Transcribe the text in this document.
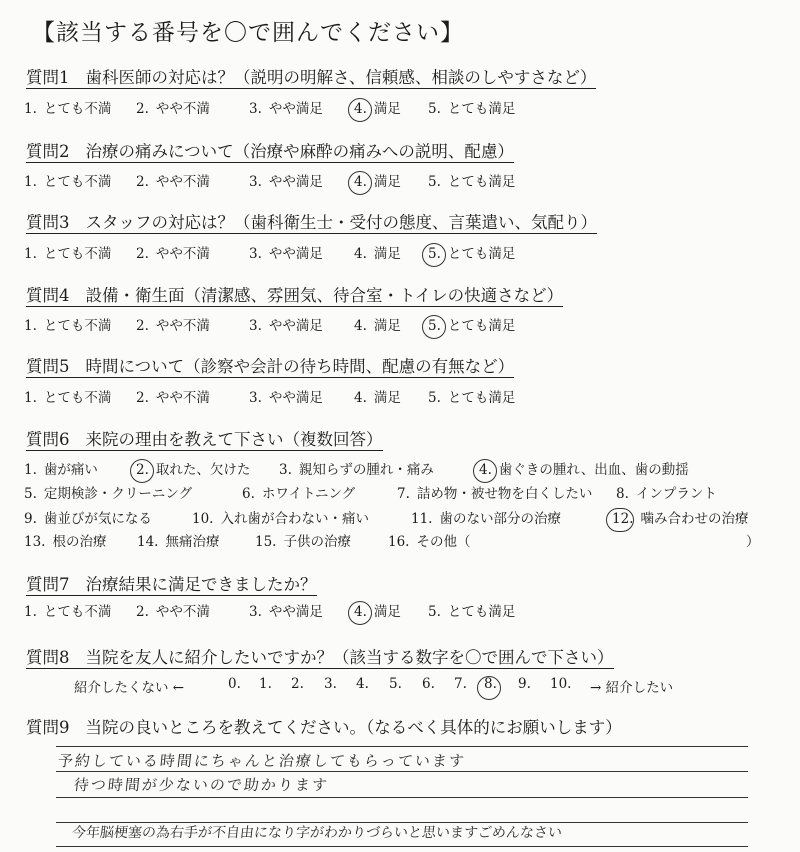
【該当する番号を〇で囲んでください】
質問1 歯科医師の対応は？（説明の明解さ、信頼感、相談のしやすさなど）
1. とても不満 2. やや不満	3. やや満足 4. 満足 5. とても満足
質問2 治療の痛みについて（治療や麻酔の痛みへの説明、配慮）
1. とても不満 2. やや不満	3. やや満足 4. 満足 5. とても満足
質問3 スタッフの対応は？（歯科衛生士・受付の態度、言葉遣い、気配り）
1. とても不満 2. やや不満	3. やや満足 4. 満足 5. とても満足
質問4 設備・衛生面（清潔感、雰囲気、待合室・トイレの快適さなど）
1. とても不満 2. やや不満	3. やや満足 4. 満足 5. とても満足
質問5 時間について（診察や会計の待ち時間、配慮の有無など）
1. とても不満 2. やや不満	3. やや満足 4. 満足 5. とても満足
質問6 来院の理由を教えて下さい（複数回答）
1. 歯が痛い	2. 取れた、欠けた 3. 親知らずの腫れ・痛み	4. 歯ぐきの腫れ、出血、歯の動揺
5. 定期検診・クリーニング	6. ホワイトニング	7. 詰め物・被せ物を白くしたい 8. インプラント
9. 歯並びが気になる	10. 入れ歯が合わない・痛い	11. 歯のない部分の治療	12. 噛み合わせの治療
13. 根の治療 14. 無痛治療	15. 子供の治療	16. その他（	）
質問7 治療結果に満足できましたか？
1. とても不満 2. やや不満	3. やや満足 4. 満足 5. とても満足
質問8 当院を友人に紹介したいですか？（該当する数字を〇で囲んで下さい）
紹介したくない ←	0. 1. 2. 3. 4. 5. 6. 7. 8. 9. 10. → 紹介したい
質問9 当院の良いところを教えてください。（なるべく具体的にお願いします）
予約している時間にちゃんと治療してもらっています
待つ時間が少ないので助かります
今年脳梗塞の為右手が不自由になり字がわかりづらいと思いますごめんなさい
